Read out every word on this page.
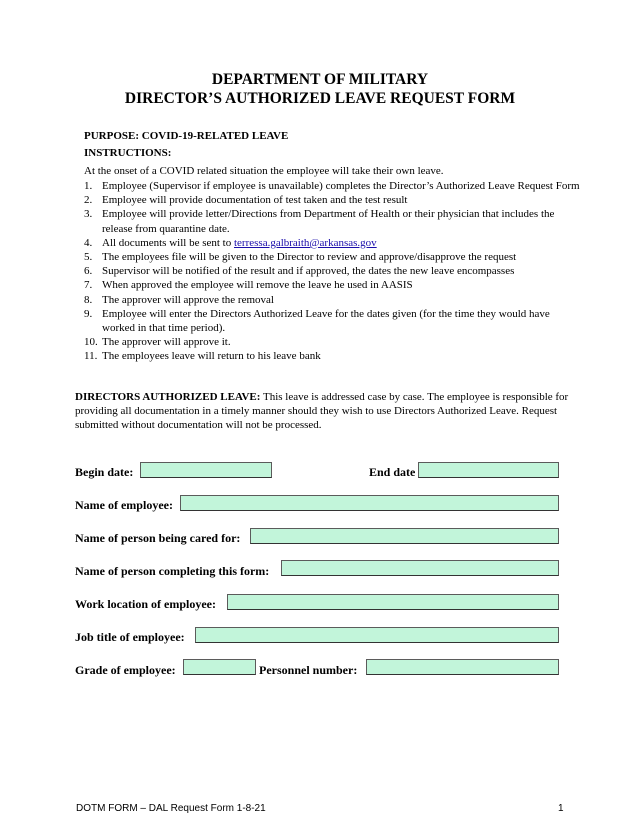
DEPARTMENT OF MILITARY
DIRECTOR’S AUTHORIZED LEAVE REQUEST FORM
PURPOSE: COVID-19-RELATED LEAVE
INSTRUCTIONS:
At the onset of a COVID related situation the employee will take their own leave.
1. Employee (Supervisor if employee is unavailable) completes the Director’s Authorized Leave Request Form
2. Employee will provide documentation of test taken and the test result
3. Employee will provide letter/Directions from Department of Health or their physician that includes the release from quarantine date.
4. All documents will be sent to terressa.galbraith@arkansas.gov
5. The employees file will be given to the Director to review and approve/disapprove the request
6. Supervisor will be notified of the result and if approved, the dates the new leave encompasses
7. When approved the employee will remove the leave he used in AASIS
8. The approver will approve the removal
9. Employee will enter the Directors Authorized Leave for the dates given (for the time they would have worked in that time period).
10. The approver will approve it.
11. The employees leave will return to his leave bank
DIRECTORS AUTHORIZED LEAVE: This leave is addressed case by case. The employee is responsible for providing all documentation in a timely manner should they wish to use Directors Authorized Leave. Request submitted without documentation will not be processed.
Begin date:	End date
Name of employee:
Name of person being cared for:
Name of person completing this form:
Work location of employee:
Job title of employee:
Grade of employee:	Personnel number:
DOTM FORM – DAL Request Form 1-8-21	1
